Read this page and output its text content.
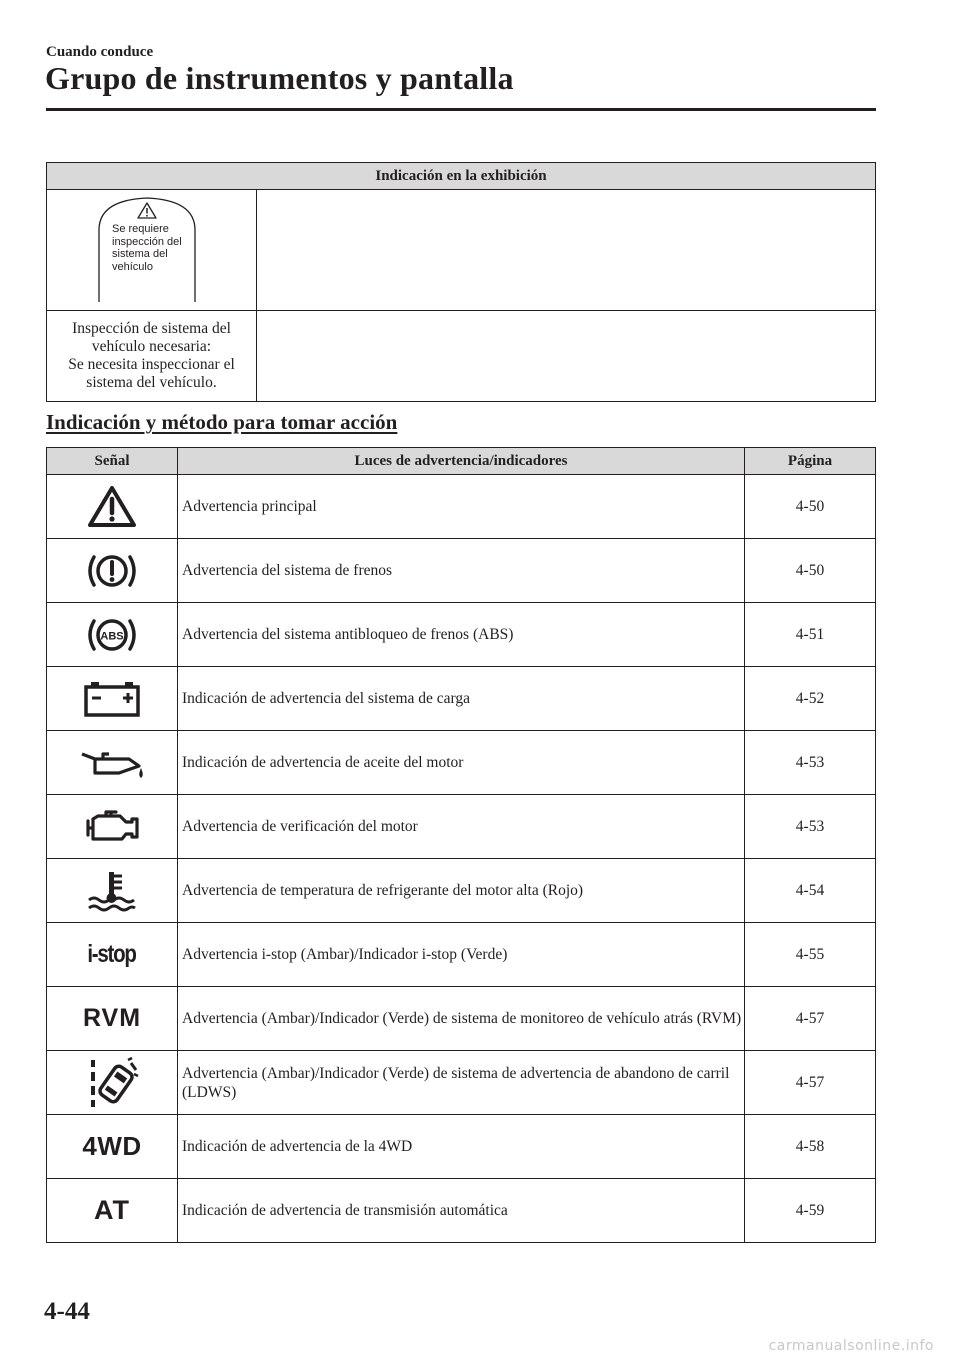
Cuando conduce
Grupo de instrumentos y pantalla
Indicación en la exhibición	

Se requiere
inspección del
sistema del
vehículo	

Inspección de sistema del
vehículo necesaria:
Se necesita inspeccionar el
sistema del vehículo.	

Indicación y método para tomar acción
Señal	Luces de advertencia/indicadores	Página

	Advertencia principal	4-50

	Advertencia del sistema de frenos	4-50

ABS	Advertencia del sistema antibloqueo de frenos (ABS)	4-51

	Indicación de advertencia del sistema de carga	4-52

	Indicación de advertencia de aceite del motor	4-53

	Advertencia de verificación del motor	4-53

	Advertencia de temperatura de refrigerante del motor alta (Rojo)	4-54

i-stop	Advertencia i-stop (Ambar)/Indicador i-stop (Verde)	4-55

RVM	Advertencia (Ambar)/Indicador (Verde) de sistema de monitoreo de vehículo atrás (RVM)	4-57

	Advertencia (Ambar)/Indicador (Verde) de sistema de advertencia de abandono de carril (LDWS)	4-57

4WD	Indicación de advertencia de la 4WD	4-58

AT	Indicación de advertencia de transmisión automática	4-59
4-44
carmanualsonline.info
